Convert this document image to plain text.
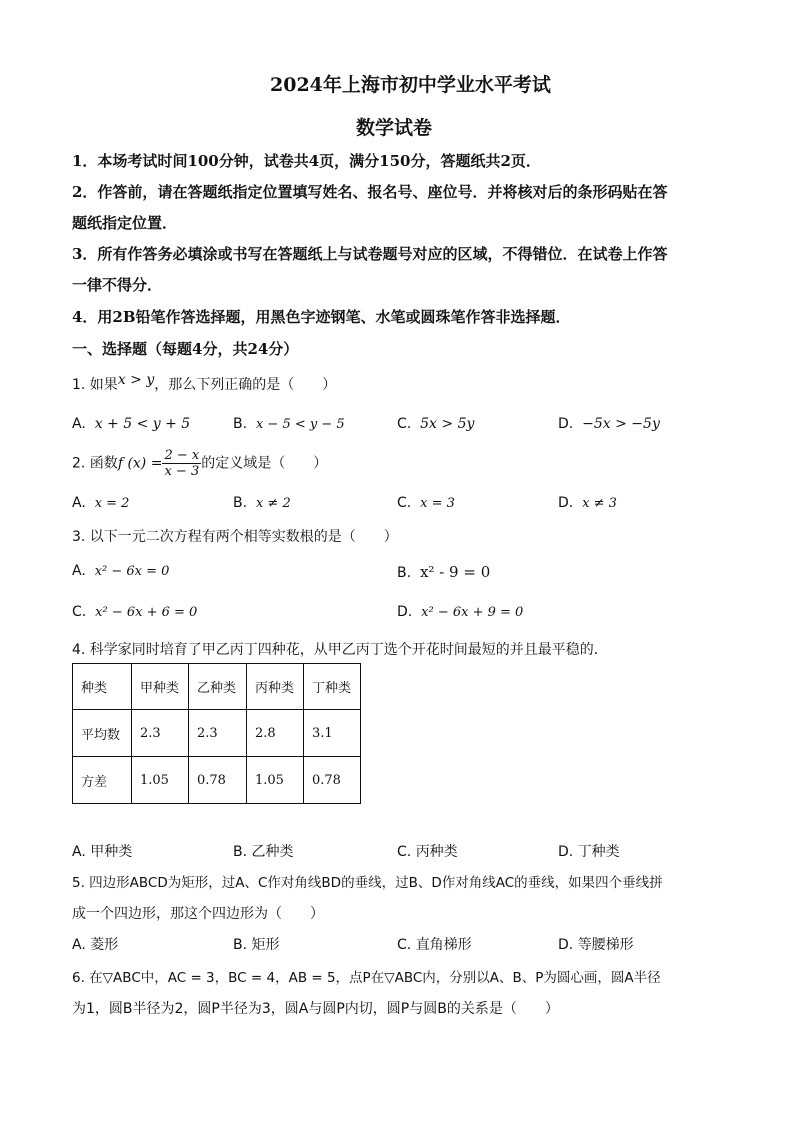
2024年上海市初中学业水平考试
数学试卷
1．本场考试时间100分钟，试卷共4页，满分150分，答题纸共2页．
2．作答前，请在答题纸指定位置填写姓名、报名号、座位号．并将核对后的条形码贴在答
题纸指定位置．
3．所有作答务必填涂或书写在答题纸上与试卷题号对应的区域，不得错位．在试卷上作答
一律不得分．
4．用2B铅笔作答选择题，用黑色字迹钢笔、水笔或圆珠笔作答非选择题．
一、选择题（每题4分，共24分）
1. 如果x > y，那么下列正确的是（　　）
A. x + 5 < y + 5	B. x − 5 < y − 5	C. 5x > 5y	D. −5x > −5y
2. 函数f $(x) = \frac{2 - x}{x - 3}$ 的定义域是（　　）
A. x = 2	B. x ≠ 2	C. x = 3	D. x ≠ 3
3. 以下一元二次方程有两个相等实数根的是（　　）
A. x² − 6x = 0	B. x² - 9 = 0
C. x² − 6x + 6 = 0	D. x² − 6x + 9 = 0
4. 科学家同时培育了甲乙丙丁四种花，从甲乙丙丁选个开花时间最短的并且最平稳的．
种类	甲种类	乙种类	丙种类	丁种类
平均数	2.3	2.3	2.8	3.1
方差	1.05	0.78	1.05	0.78
A. 甲种类	B. 乙种类	C. 丙种类	D. 丁种类
5. 四边形ABCD为矩形，过A、C作对角线BD的垂线，过B、D作对角线AC的垂线，如果四个垂线拼
成一个四边形，那这个四边形为（　　）
A. 菱形	B. 矩形	C. 直角梯形	D. 等腰梯形
6. 在▽ABC中，AC = 3，BC = 4，AB = 5，点P在▽ABC内，分别以A、B、P为圆心画，圆A半径
为1，圆B半径为2，圆P半径为3，圆A与圆P内切，圆P与圆B的关系是（　　）
